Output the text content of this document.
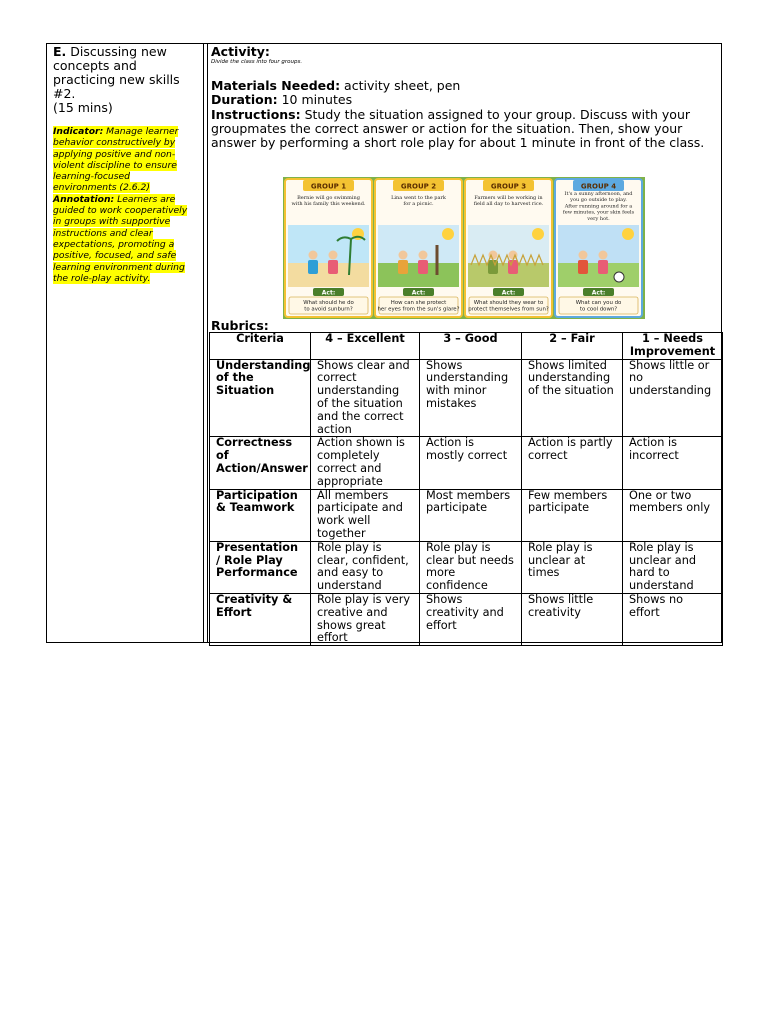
E. Discussing new concepts and practicing new skills #2.
(15 mins)
Indicator: Manage learner behavior constructively by applying positive and non-violent discipline to ensure learning-focused environments (2.6.2)
Annotation: Learners are guided to work cooperatively in groups with supportive instructions and clear expectations, promoting a positive, focused, and safe learning environment during the role-play activity.
Activity:
Divide the class into four groups.
Materials Needed: activity sheet, pen
Duration: 10 minutes
Instructions: Study the situation assigned to your group. Discuss with your groupmates the correct answer or action for the situation. Then, show your answer by performing a short role play for about 1 minute in front of the class.
GROUP 1
Bernie will go swimming
with his family this weekend.
Act:
What should he do
to avoid sunburn?
GROUP 2
Lina went to the park
for a picnic.
Act:
How can she protect
her eyes from the sun's glare?
GROUP 3
Farmers will be working in
field all day to harvest rice.
Act:
What should they wear to
protect themselves from sun?
GROUP 4
It's a sunny afternoon, and
you go outside to play.
After running around for a
few minutes, your skin feels
very hot.
Act:
What can you do
to cool down?
Rubrics:
Criteria	4 – Excellent	3 – Good	2 – Fair	1 – Needs Improvement
Understanding of the Situation	Shows clear and correct understanding of the situation and the correct action	Shows understanding with minor mistakes	Shows limited understanding of the situation	Shows little or no understanding
Correctness of Action/Answer	Action shown is completely correct and appropriate	Action is mostly correct	Action is partly correct	Action is incorrect
Participation & Teamwork	All members participate and work well together	Most members participate	Few members participate	One or two members only
Presentation / Role Play Performance	Role play is clear, confident, and easy to understand	Role play is clear but needs more confidence	Role play is unclear at times	Role play is unclear and hard to understand
Creativity & Effort	Role play is very creative and shows great effort	Shows creativity and effort	Shows little creativity	Shows no effort
